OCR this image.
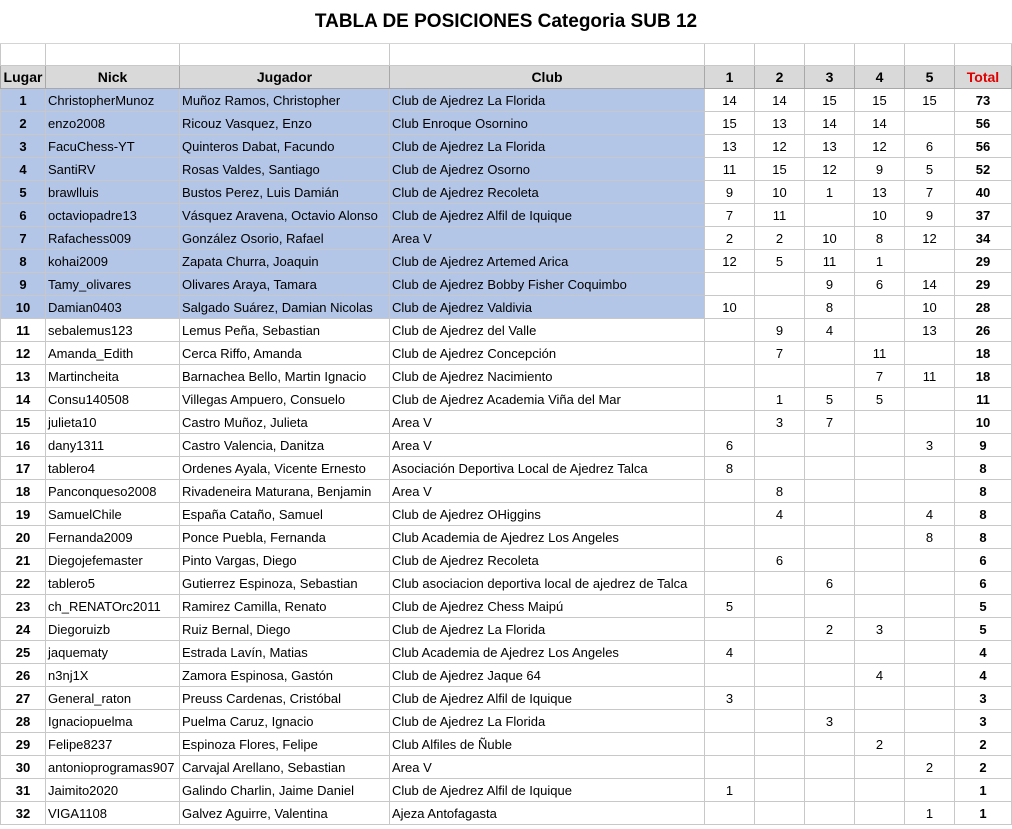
TABLA DE POSICIONES Categoria SUB 12									

Lugar	Nick	Jugador	Club	1	2	3	4	5	Total
1	ChristopherMunoz	Muñoz Ramos, Christopher	Club de Ajedrez La Florida	14	14	15	15	15	73
2	enzo2008	Ricouz Vasquez, Enzo	Club Enroque Osornino	15	13	14	14		56
3	FacuChess-YT	Quinteros Dabat, Facundo	Club de Ajedrez La Florida	13	12	13	12	6	56
4	SantiRV	Rosas Valdes, Santiago	Club de Ajedrez Osorno	11	15	12	9	5	52
5	brawlluis	Bustos Perez, Luis Damián	Club de Ajedrez Recoleta	9	10	1	13	7	40
6	octaviopadre13	Vásquez Aravena, Octavio Alonso	Club de Ajedrez Alfil de Iquique	7	11		10	9	37
7	Rafachess009	González Osorio, Rafael	Area V	2	2	10	8	12	34
8	kohai2009	Zapata Churra, Joaquin	Club de Ajedrez Artemed Arica	12	5	11	1		29
9	Tamy_olivares	Olivares Araya, Tamara	Club de Ajedrez Bobby Fisher Coquimbo			9	6	14	29
10	Damian0403	Salgado Suárez, Damian Nicolas	Club de Ajedrez Valdivia	10		8		10	28
11	sebalemus123	Lemus Peña, Sebastian	Club de Ajedrez del Valle		9	4		13	26
12	Amanda_Edith	Cerca Riffo, Amanda	Club de Ajedrez Concepción		7		11		18
13	Martincheita	Barnachea Bello, Martin Ignacio	Club de Ajedrez Nacimiento				7	11	18
14	Consu140508	Villegas Ampuero, Consuelo	Club de Ajedrez Academia Viña del Mar		1	5	5		11
15	julieta10	Castro Muñoz, Julieta	Area V		3	7			10
16	dany1311	Castro Valencia, Danitza	Area V	6				3	9
17	tablero4	Ordenes Ayala, Vicente Ernesto	Asociación Deportiva Local de Ajedrez Talca	8					8
18	Panconqueso2008	Rivadeneira Maturana, Benjamin	Area V		8				8
19	SamuelChile	España Cataño, Samuel	Club de Ajedrez OHiggins		4			4	8
20	Fernanda2009	Ponce Puebla, Fernanda	Club Academia de Ajedrez Los Angeles					8	8
21	Diegojefemaster	Pinto Vargas, Diego	Club de Ajedrez Recoleta		6				6
22	tablero5	Gutierrez Espinoza, Sebastian	Club asociacion deportiva local de ajedrez de Talca			6			6
23	ch_RENATOrc2011	Ramirez Camilla, Renato	Club de Ajedrez Chess Maipú	5					5
24	Diegoruizb	Ruiz Bernal, Diego	Club de Ajedrez La Florida			2	3		5
25	jaquematy	Estrada Lavín, Matias	Club Academia de Ajedrez Los Angeles	4					4
26	n3nj1X	Zamora Espinosa, Gastón	Club de Ajedrez Jaque 64				4		4
27	General_raton	Preuss Cardenas, Cristóbal	Club de Ajedrez Alfil de Iquique	3					3
28	Ignaciopuelma	Puelma Caruz, Ignacio	Club de Ajedrez La Florida			3			3
29	Felipe8237	Espinoza Flores, Felipe	Club Alfiles de Ñuble				2		2
30	antonioprogramas907	Carvajal Arellano, Sebastian	Area V					2	2
31	Jaimito2020	Galindo Charlin, Jaime Daniel	Club de Ajedrez Alfil de Iquique	1					1
32	VIGA1108	Galvez Aguirre, Valentina	Ajeza Antofagasta					1	1
